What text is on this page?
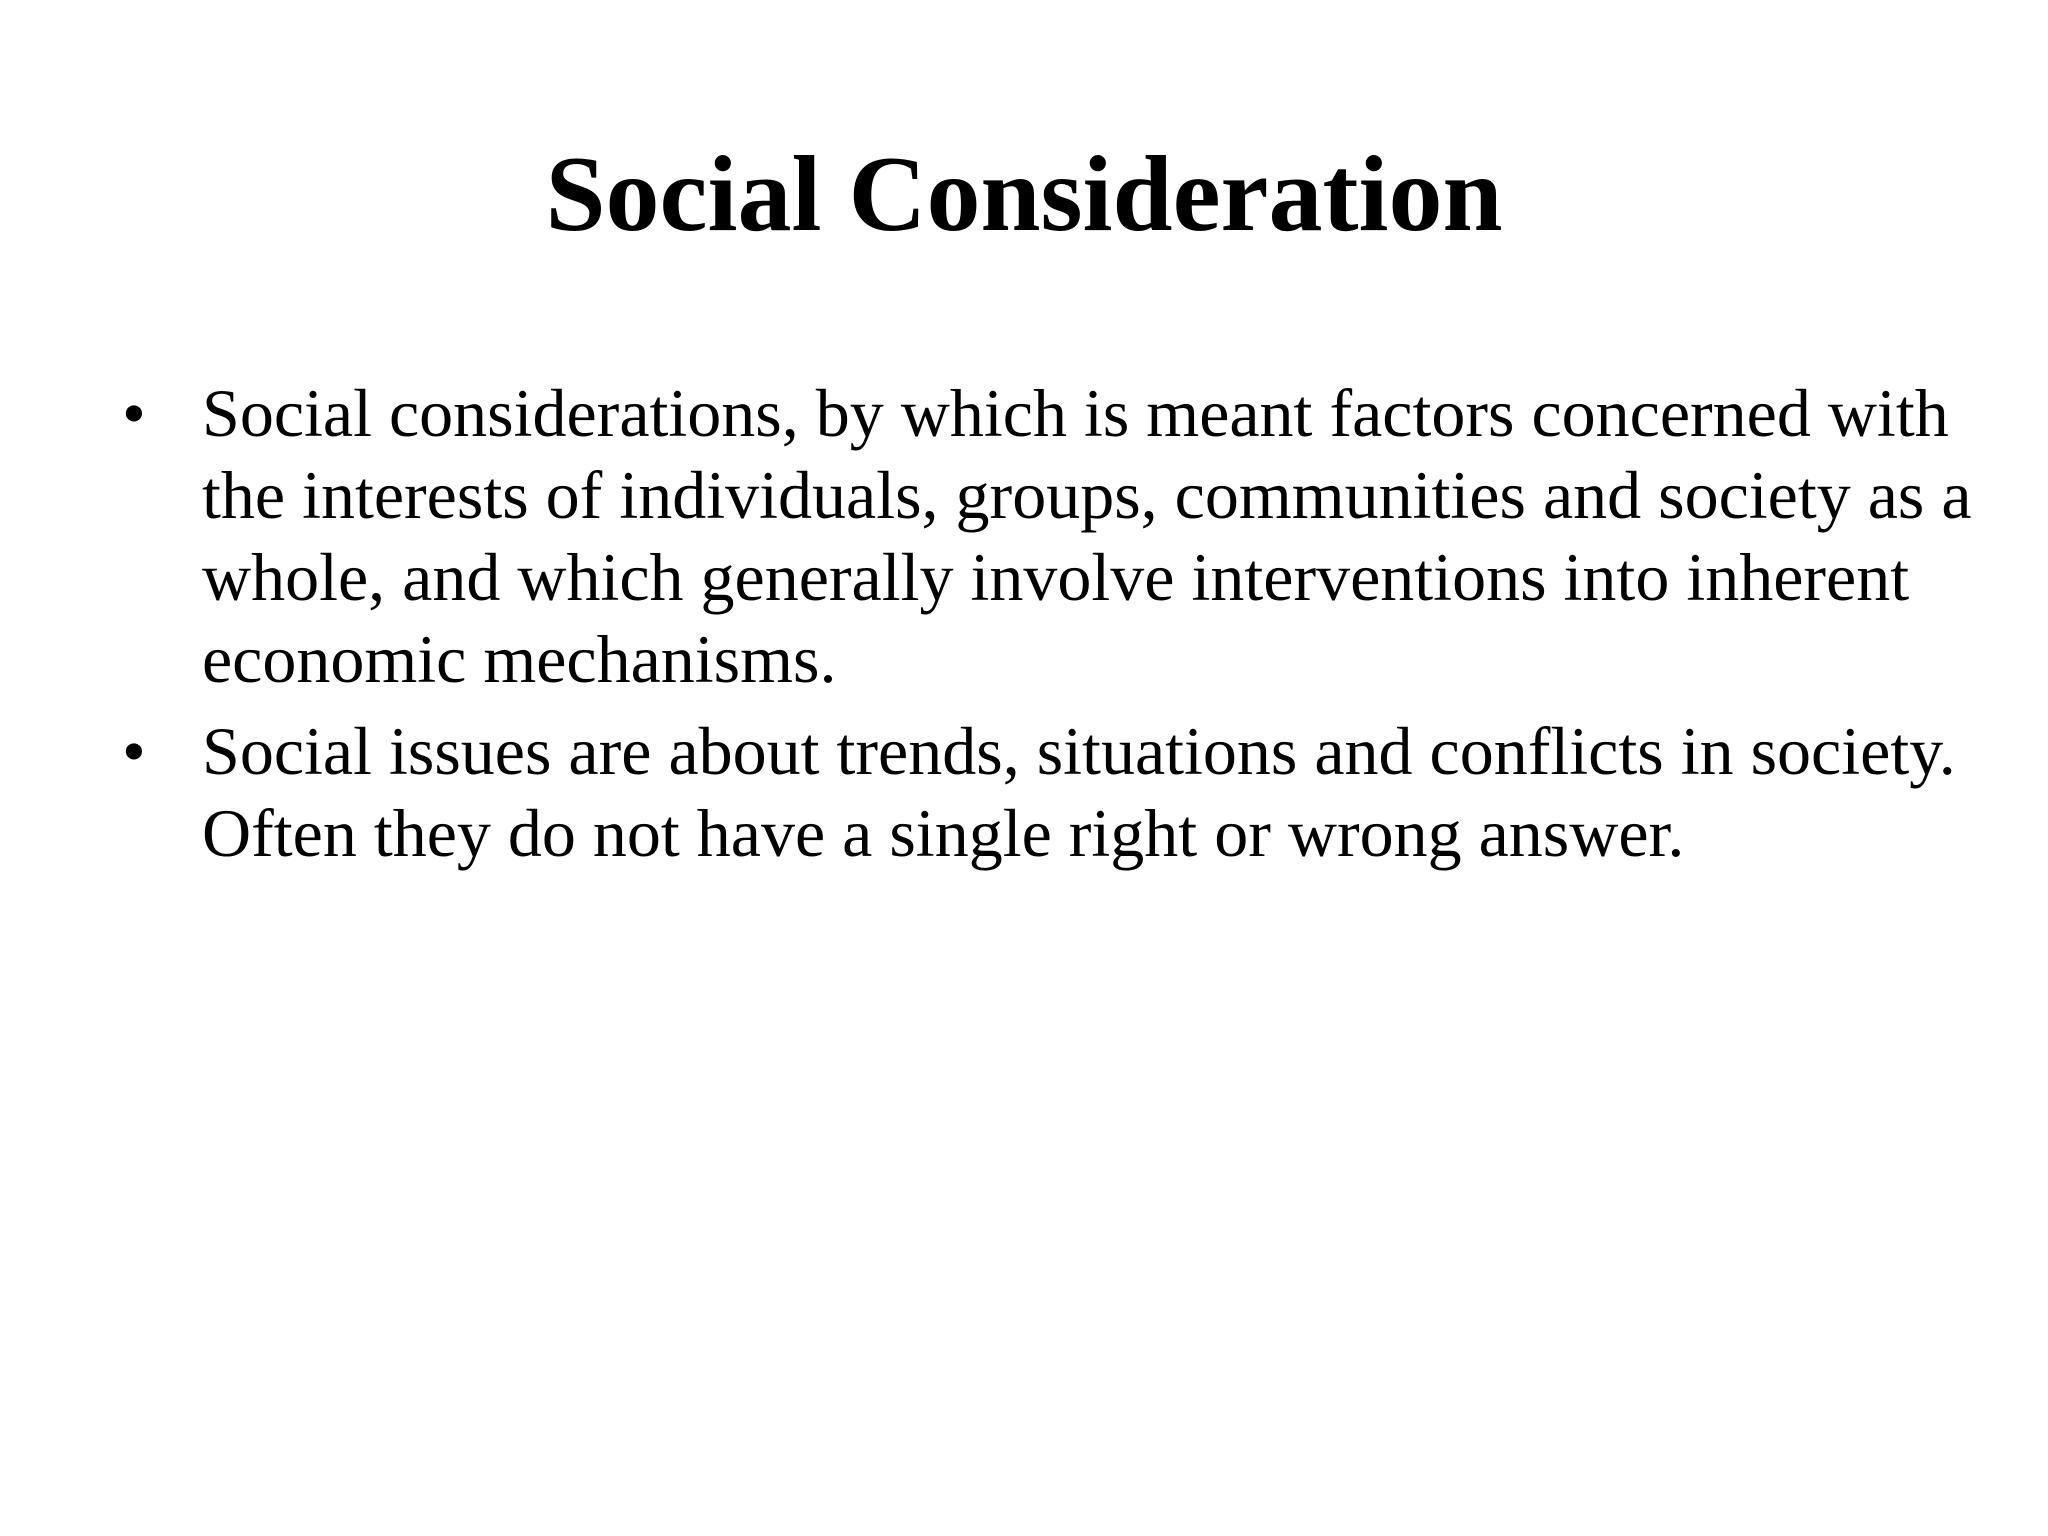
Social Consideration
• Social considerations, by which is meant factors concerned with the interests of individuals, groups, communities and society as a whole, and which generally involve interventions into inherent economic mechanisms.
• Social issues are about trends, situations and conflicts in society. Often they do not have a single right or wrong answer.
